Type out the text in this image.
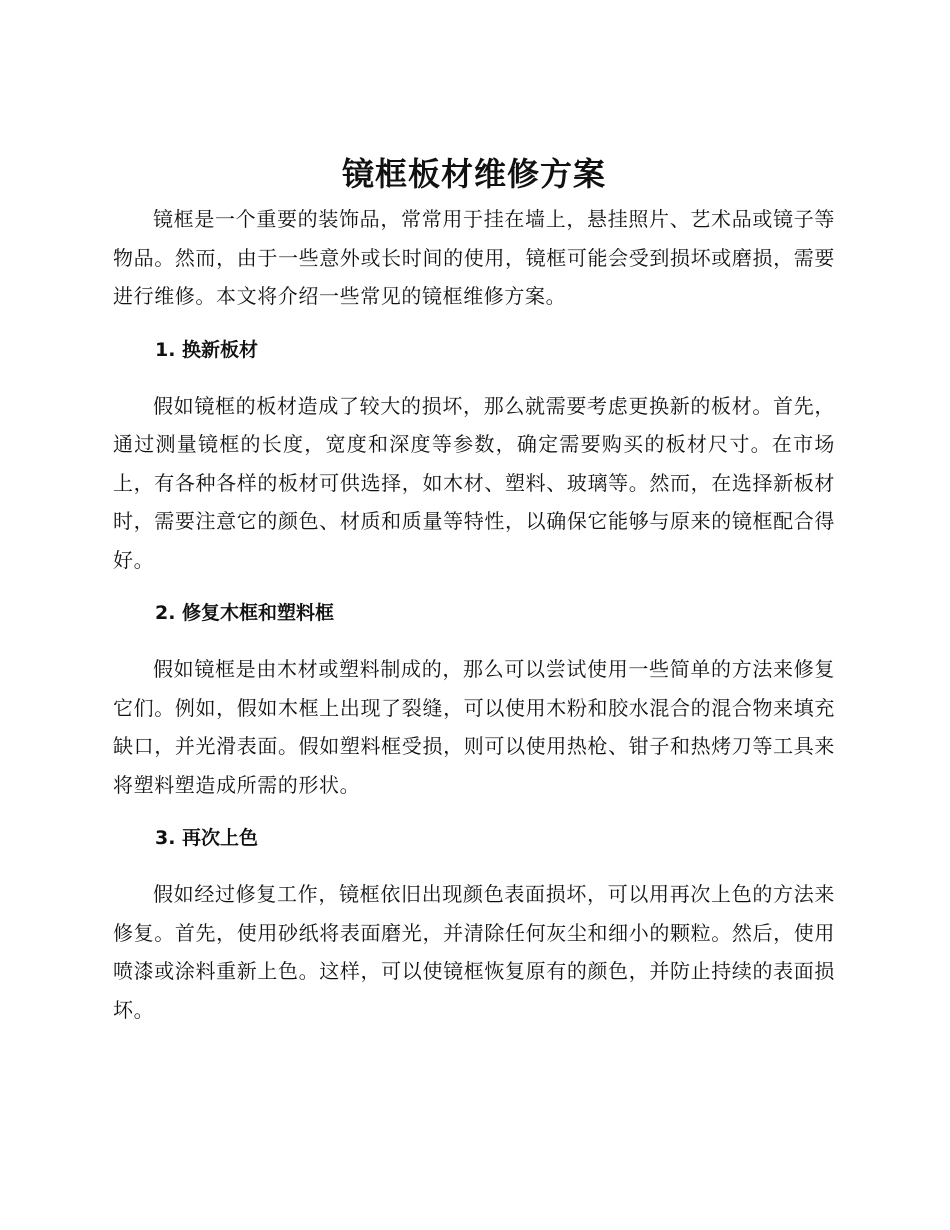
镜框板材维修方案

镜框是一个重要的装饰品，常常用于挂在墙上，悬挂照片、艺术品或镜子等物品。然而，由于一些意外或长时间的使用，镜框可能会受到损坏或磨损，需要进行维修。本文将介绍一些常见的镜框维修方案。

1. 换新板材

假如镜框的板材造成了较大的损坏，那么就需要考虑更换新的板材。首先，通过测量镜框的长度，宽度和深度等参数，确定需要购买的板材尺寸。在市场上，有各种各样的板材可供选择，如木材、塑料、玻璃等。然而，在选择新板材时，需要注意它的颜色、材质和质量等特性，以确保它能够与原来的镜框配合得好。

2. 修复木框和塑料框

假如镜框是由木材或塑料制成的，那么可以尝试使用一些简单的方法来修复它们。例如，假如木框上出现了裂缝，可以使用木粉和胶水混合的混合物来填充缺口，并光滑表面。假如塑料框受损，则可以使用热枪、钳子和热烤刀等工具来将塑料塑造成所需的形状。

3. 再次上色

假如经过修复工作，镜框依旧出现颜色表面损坏，可以用再次上色的方法来修复。首先，使用砂纸将表面磨光，并清除任何灰尘和细小的颗粒。然后，使用喷漆或涂料重新上色。这样，可以使镜框恢复原有的颜色，并防止持续的表面损坏。
